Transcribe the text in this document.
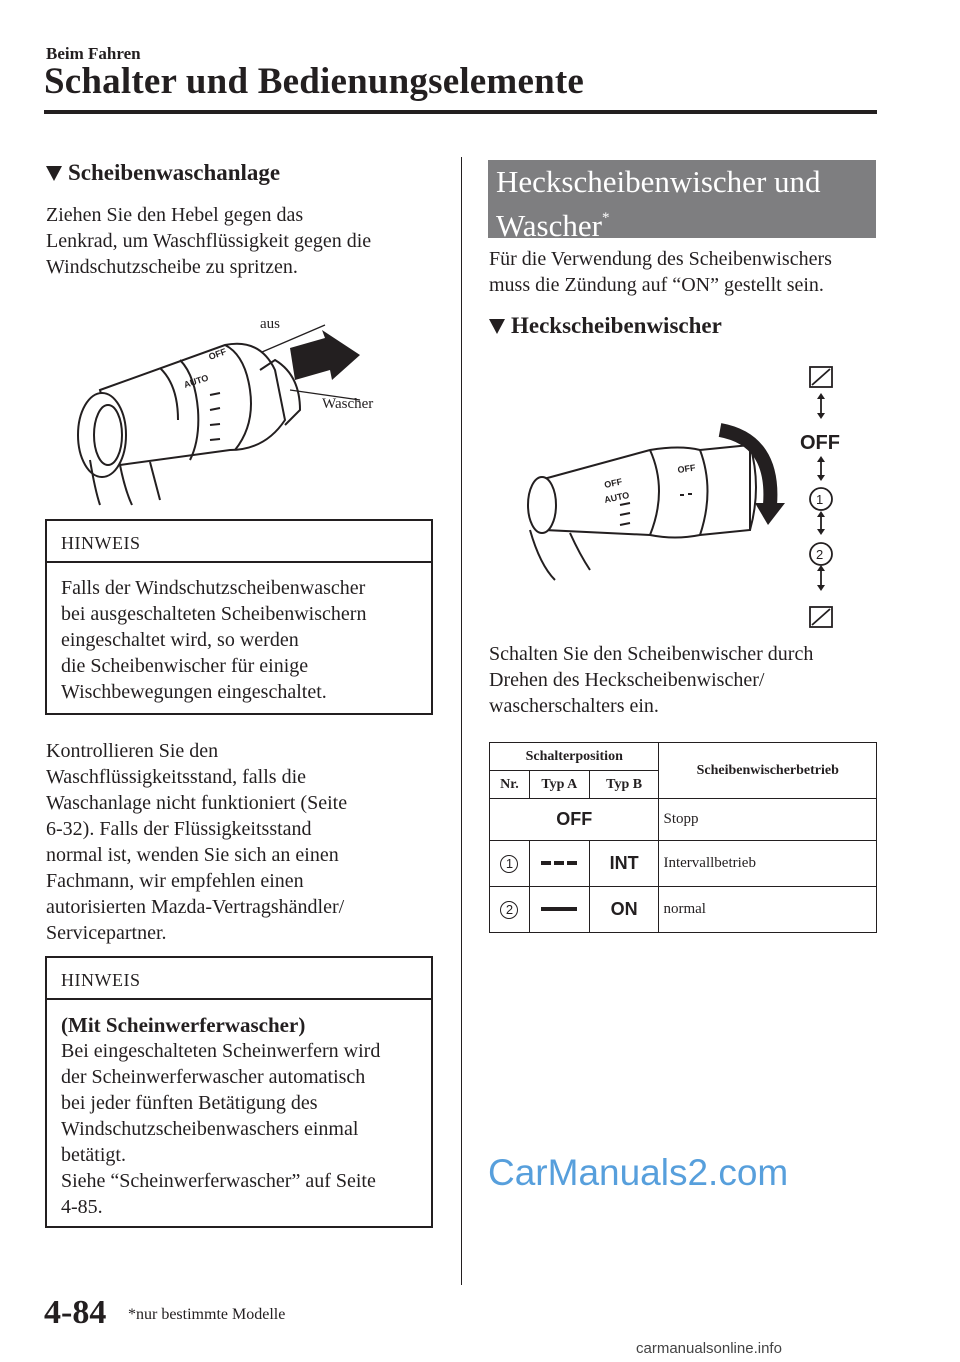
Beim Fahren
Schalter und Bedienungselemente
Scheibenwaschanlage
Ziehen Sie den Hebel gegen das
Lenkrad, um Waschflüssigkeit gegen die
Windschutzscheibe zu spritzen.
AUTO
OFF
aus
Wascher
HINWEIS
Falls der Windschutzscheibenwascher
bei ausgeschalteten Scheibenwischern
eingeschaltet wird, so werden
die Scheibenwischer für einige
Wischbewegungen eingeschaltet.
Kontrollieren Sie den
Waschflüssigkeitsstand, falls die
Waschanlage nicht funktioniert (Seite
6-32). Falls der Flüssigkeitsstand
normal ist, wenden Sie sich an einen
Fachmann, wir empfehlen einen
autorisierten Mazda-Vertragshändler/
Servicepartner.
HINWEIS
(Mit Scheinwerferwascher)
Bei eingeschalteten Scheinwerfern wird
der Scheinwerferwascher automatisch
bei jeder fünften Betätigung des
Windschutzscheibenwaschers einmal
betätigt.
Siehe “Scheinwerferwascher” auf Seite
4-85.
Heckscheibenwischer und
Wascher*
Für die Verwendung des Scheibenwischers
muss die Zündung auf “ON” gestellt sein.
Heckscheibenwischer
AUTO
OFF
OFF
OFF
1
2
Schalten Sie den Scheibenwischer durch
Drehen des Heckscheibenwischer/
wascherschalters ein.
Schalterposition			Scheibenwischerbetrieb
Nr.	Typ A	Typ B	
OFF			Stopp
1		INT	Intervallbetrieb
2		ON	normal
CarManuals2.com
4-84 *nur bestimmte Modelle
carmanualsonline.info
